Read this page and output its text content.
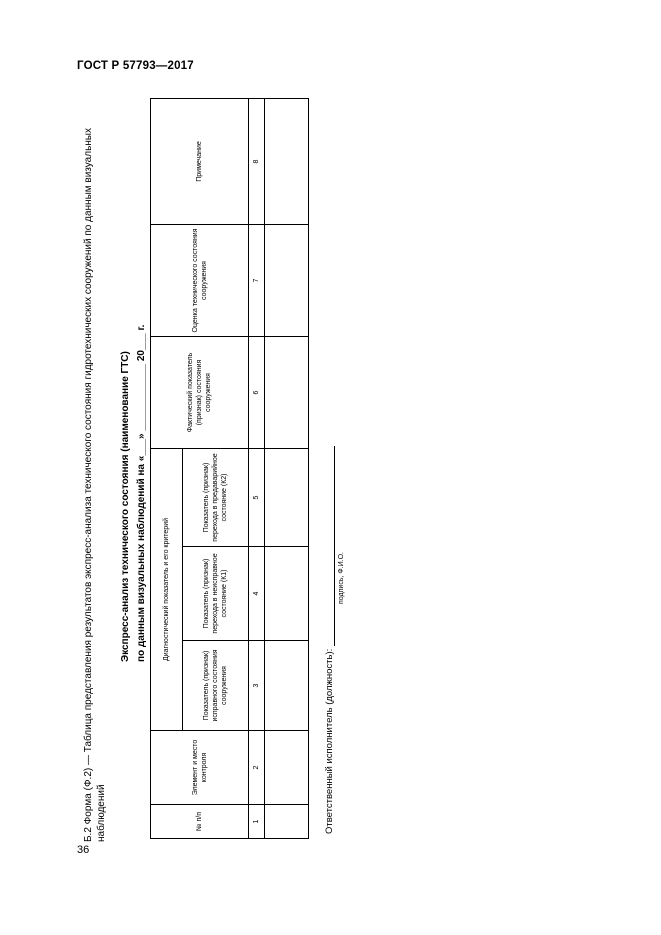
ГОСТ Р 57793—2017
36
Б.2 Форма (Ф.2) — Таблица представления результатов экспресс-анализа технического состояния гидротехнических сооружений по данным визуальных наблюдений
Экспресс-анализ технического состояния (наименование ГТС) по данным визуальных наблюдений на «___» ____________ 20___ г.
№ п/п	Элемент и место контроля	Диагностический показатель и его критерий			Фактический показатель (признак) состояния сооружения	Оценка технического состояния сооружения	Примечание
		Показатель (признак) исправного состояния сооружения	Показатель (признак) перехода в неисправное состояние (К1)	Показатель (признак) перехода в предаварийное состояние (К2)			
1	2	3	4	5	6	7	8

Ответственный исполнитель (должность):
подпись, Ф.И.О.
